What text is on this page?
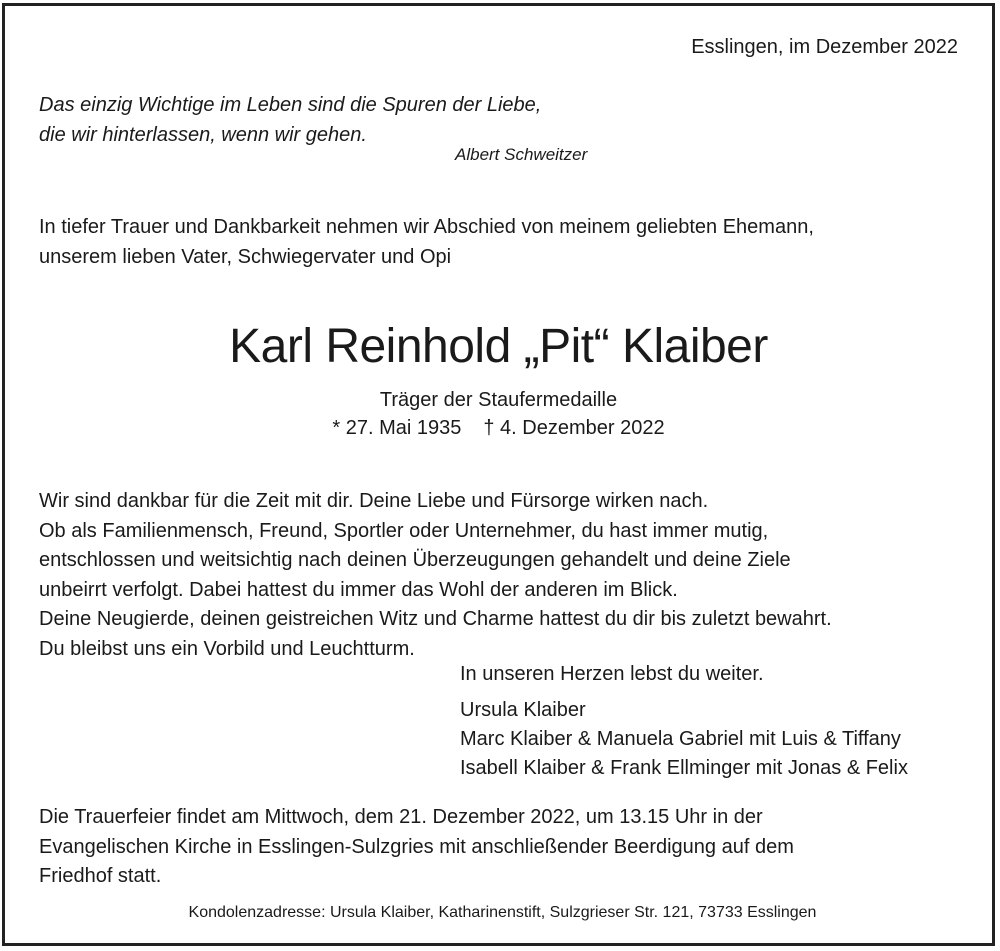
Esslingen, im Dezember 2022
Das einzig Wichtige im Leben sind die Spuren der Liebe,
die wir hinterlassen, wenn wir gehen.
Albert Schweitzer
In tiefer Trauer und Dankbarkeit nehmen wir Abschied von meinem geliebten Ehemann,
unserem lieben Vater, Schwiegervater und Opi
Karl Reinhold „Pit“ Klaiber
Träger der Staufermedaille
* 27. Mai 1935 † 4. Dezember 2022
Wir sind dankbar für die Zeit mit dir. Deine Liebe und Fürsorge wirken nach.
Ob als Familienmensch, Freund, Sportler oder Unternehmer, du hast immer mutig,
entschlossen und weitsichtig nach deinen Überzeugungen gehandelt und deine Ziele
unbeirrt verfolgt. Dabei hattest du immer das Wohl der anderen im Blick.
Deine Neugierde, deinen geistreichen Witz und Charme hattest du dir bis zuletzt bewahrt.
Du bleibst uns ein Vorbild und Leuchtturm.
In unseren Herzen lebst du weiter.
Ursula Klaiber
Marc Klaiber & Manuela Gabriel mit Luis & Tiffany
Isabell Klaiber & Frank Ellminger mit Jonas & Felix
Die Trauerfeier findet am Mittwoch, dem 21. Dezember 2022, um 13.15 Uhr in der
Evangelischen Kirche in Esslingen-Sulzgries mit anschließender Beerdigung auf dem
Friedhof statt.
Kondolenzadresse: Ursula Klaiber, Katharinenstift, Sulzgrieser Str. 121, 73733 Esslingen
